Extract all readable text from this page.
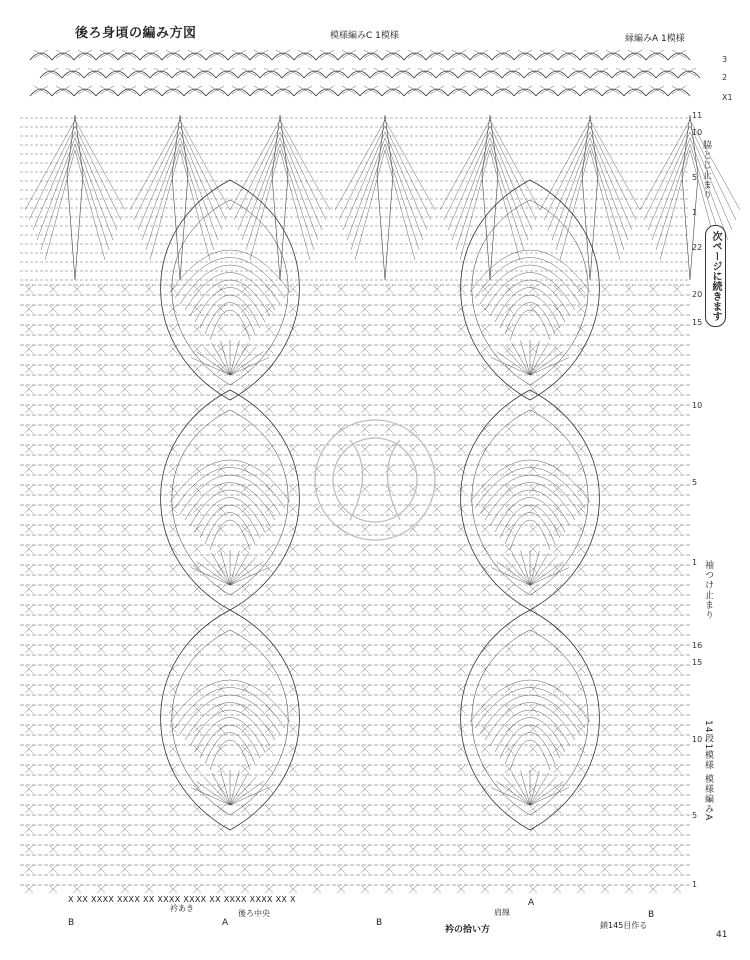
11
10
5
1
22
20
15
10
5
1
16
15
10
5
1
3
2
X1
後ろ身頃の編み方図	模様編みC 1模様	縁編みA 1模様
脇とじ止まり
次ページに続きます
袖つけ止まり
14段1模様 模様編みA
X XX XXXX XXXX XX XXXX XXXX XX XXXX XXXX XX X
衿あき
後ろ中央	肩線
衿の拾い方	鎖145目作る
B	A	B
A
B
41
